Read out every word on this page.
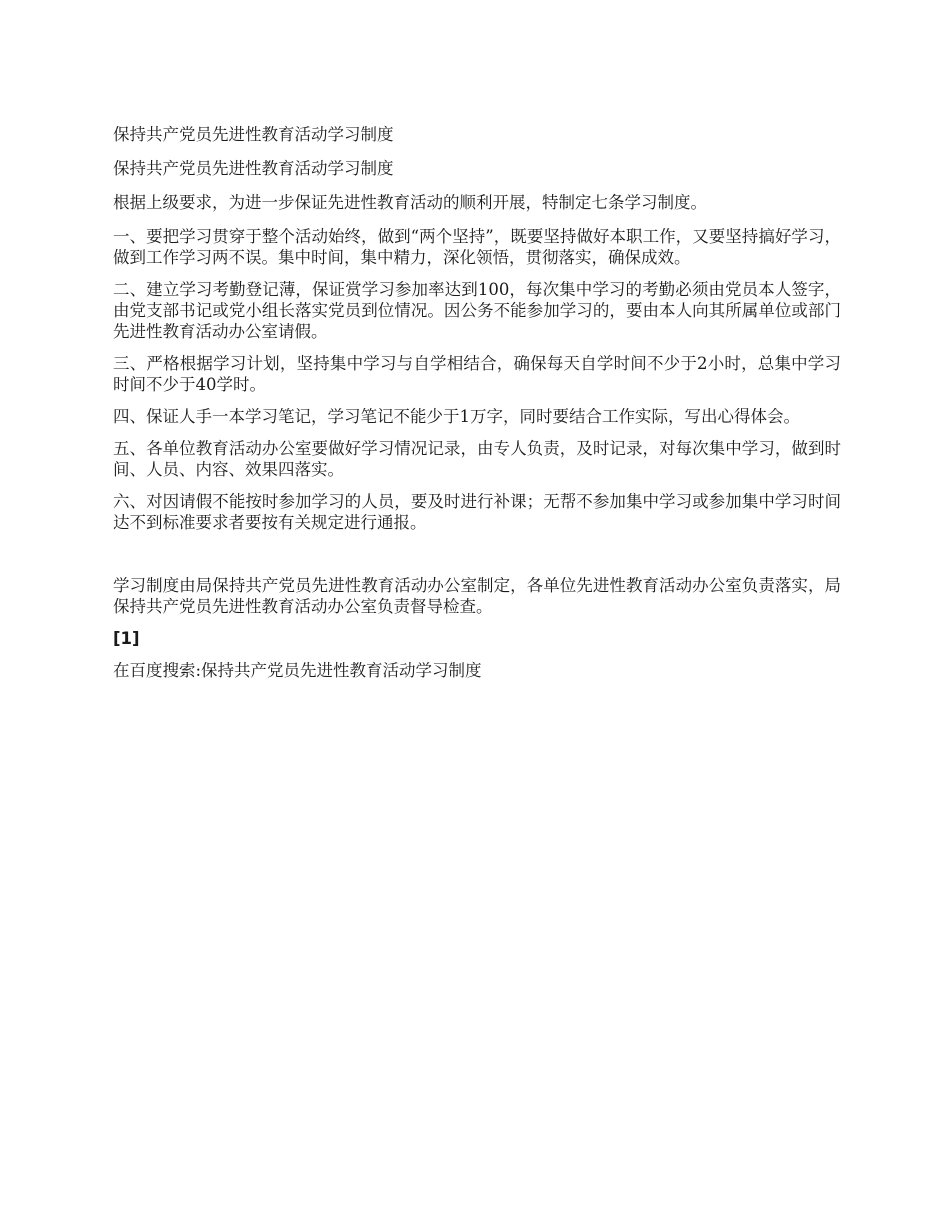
保持共产党员先进性教育活动学习制度

保持共产党员先进性教育活动学习制度

根据上级要求，为进一步保证先进性教育活动的顺利开展，特制定七条学习制度。

一、要把学习贯穿于整个活动始终，做到“两个坚持”，既要坚持做好本职工作，又要坚持搞好学习，做到工作学习两不误。集中时间，集中精力，深化领悟，贯彻落实，确保成效。

二、建立学习考勤登记薄，保证赏学习参加率达到100，每次集中学习的考勤必须由党员本人签字，由党支部书记或党小组长落实党员到位情况。因公务不能参加学习的，要由本人向其所属单位或部门先进性教育活动办公室请假。

三、严格根据学习计划，坚持集中学习与自学相结合，确保每天自学时间不少于2小时，总集中学习时间不少于40学时。

四、保证人手一本学习笔记，学习笔记不能少于1万字，同时要结合工作实际，写出心得体会。

五、各单位教育活动办公室要做好学习情况记录，由专人负责，及时记录，对每次集中学习，做到时间、人员、内容、效果四落实。

六、对因请假不能按时参加学习的人员，要及时进行补课；无帮不参加集中学习或参加集中学习时间达不到标准要求者要按有关规定进行通报。

学习制度由局保持共产党员先进性教育活动办公室制定，各单位先进性教育活动办公室负责落实，局保持共产党员先进性教育活动办公室负责督导检查。

[1]

在百度搜索:保持共产党员先进性教育活动学习制度
